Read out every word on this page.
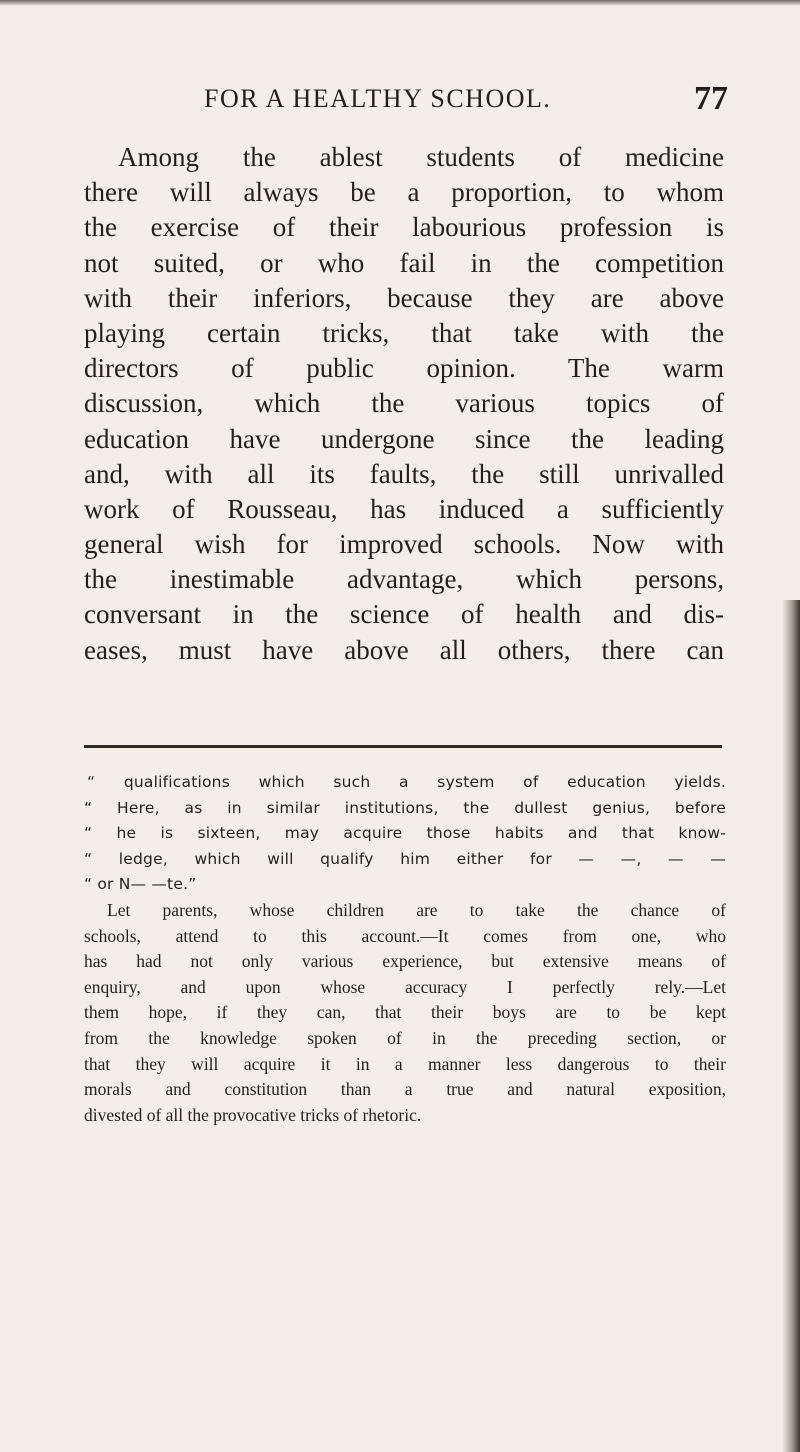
FOR A HEALTHY SCHOOL.	77
Among the ablest students of medicine
there will always be a proportion, to whom
the exercise of their labourious profession is
not suited, or who fail in the competition
with their inferiors, because they are above
playing certain tricks, that take with the
directors of public opinion. The warm
discussion, which the various topics of
education have undergone since the leading
and, with all its faults, the still unrivalled
work of Rousseau, has induced a sufficiently
general wish for improved schools. Now with
the inestimable advantage, which persons,
conversant in the science of health and dis-
eases, must have above all others, there can
“ qualifications which such a system of education yields.
“ Here, as in similar institutions, the dullest genius, before
“ he is sixteen, may acquire those habits and that know-
“ ledge, which will qualify him either for — —, — —
“ or N— —te.”
Let parents, whose children are to take the chance of
schools, attend to this account.—It comes from one, who
has had not only various experience, but extensive means of
enquiry, and upon whose accuracy I perfectly rely.—Let
them hope, if they can, that their boys are to be kept
from the knowledge spoken of in the preceding section, or
that they will acquire it in a manner less dangerous to their
morals and constitution than a true and natural exposition,
divested of all the provocative tricks of rhetoric.
